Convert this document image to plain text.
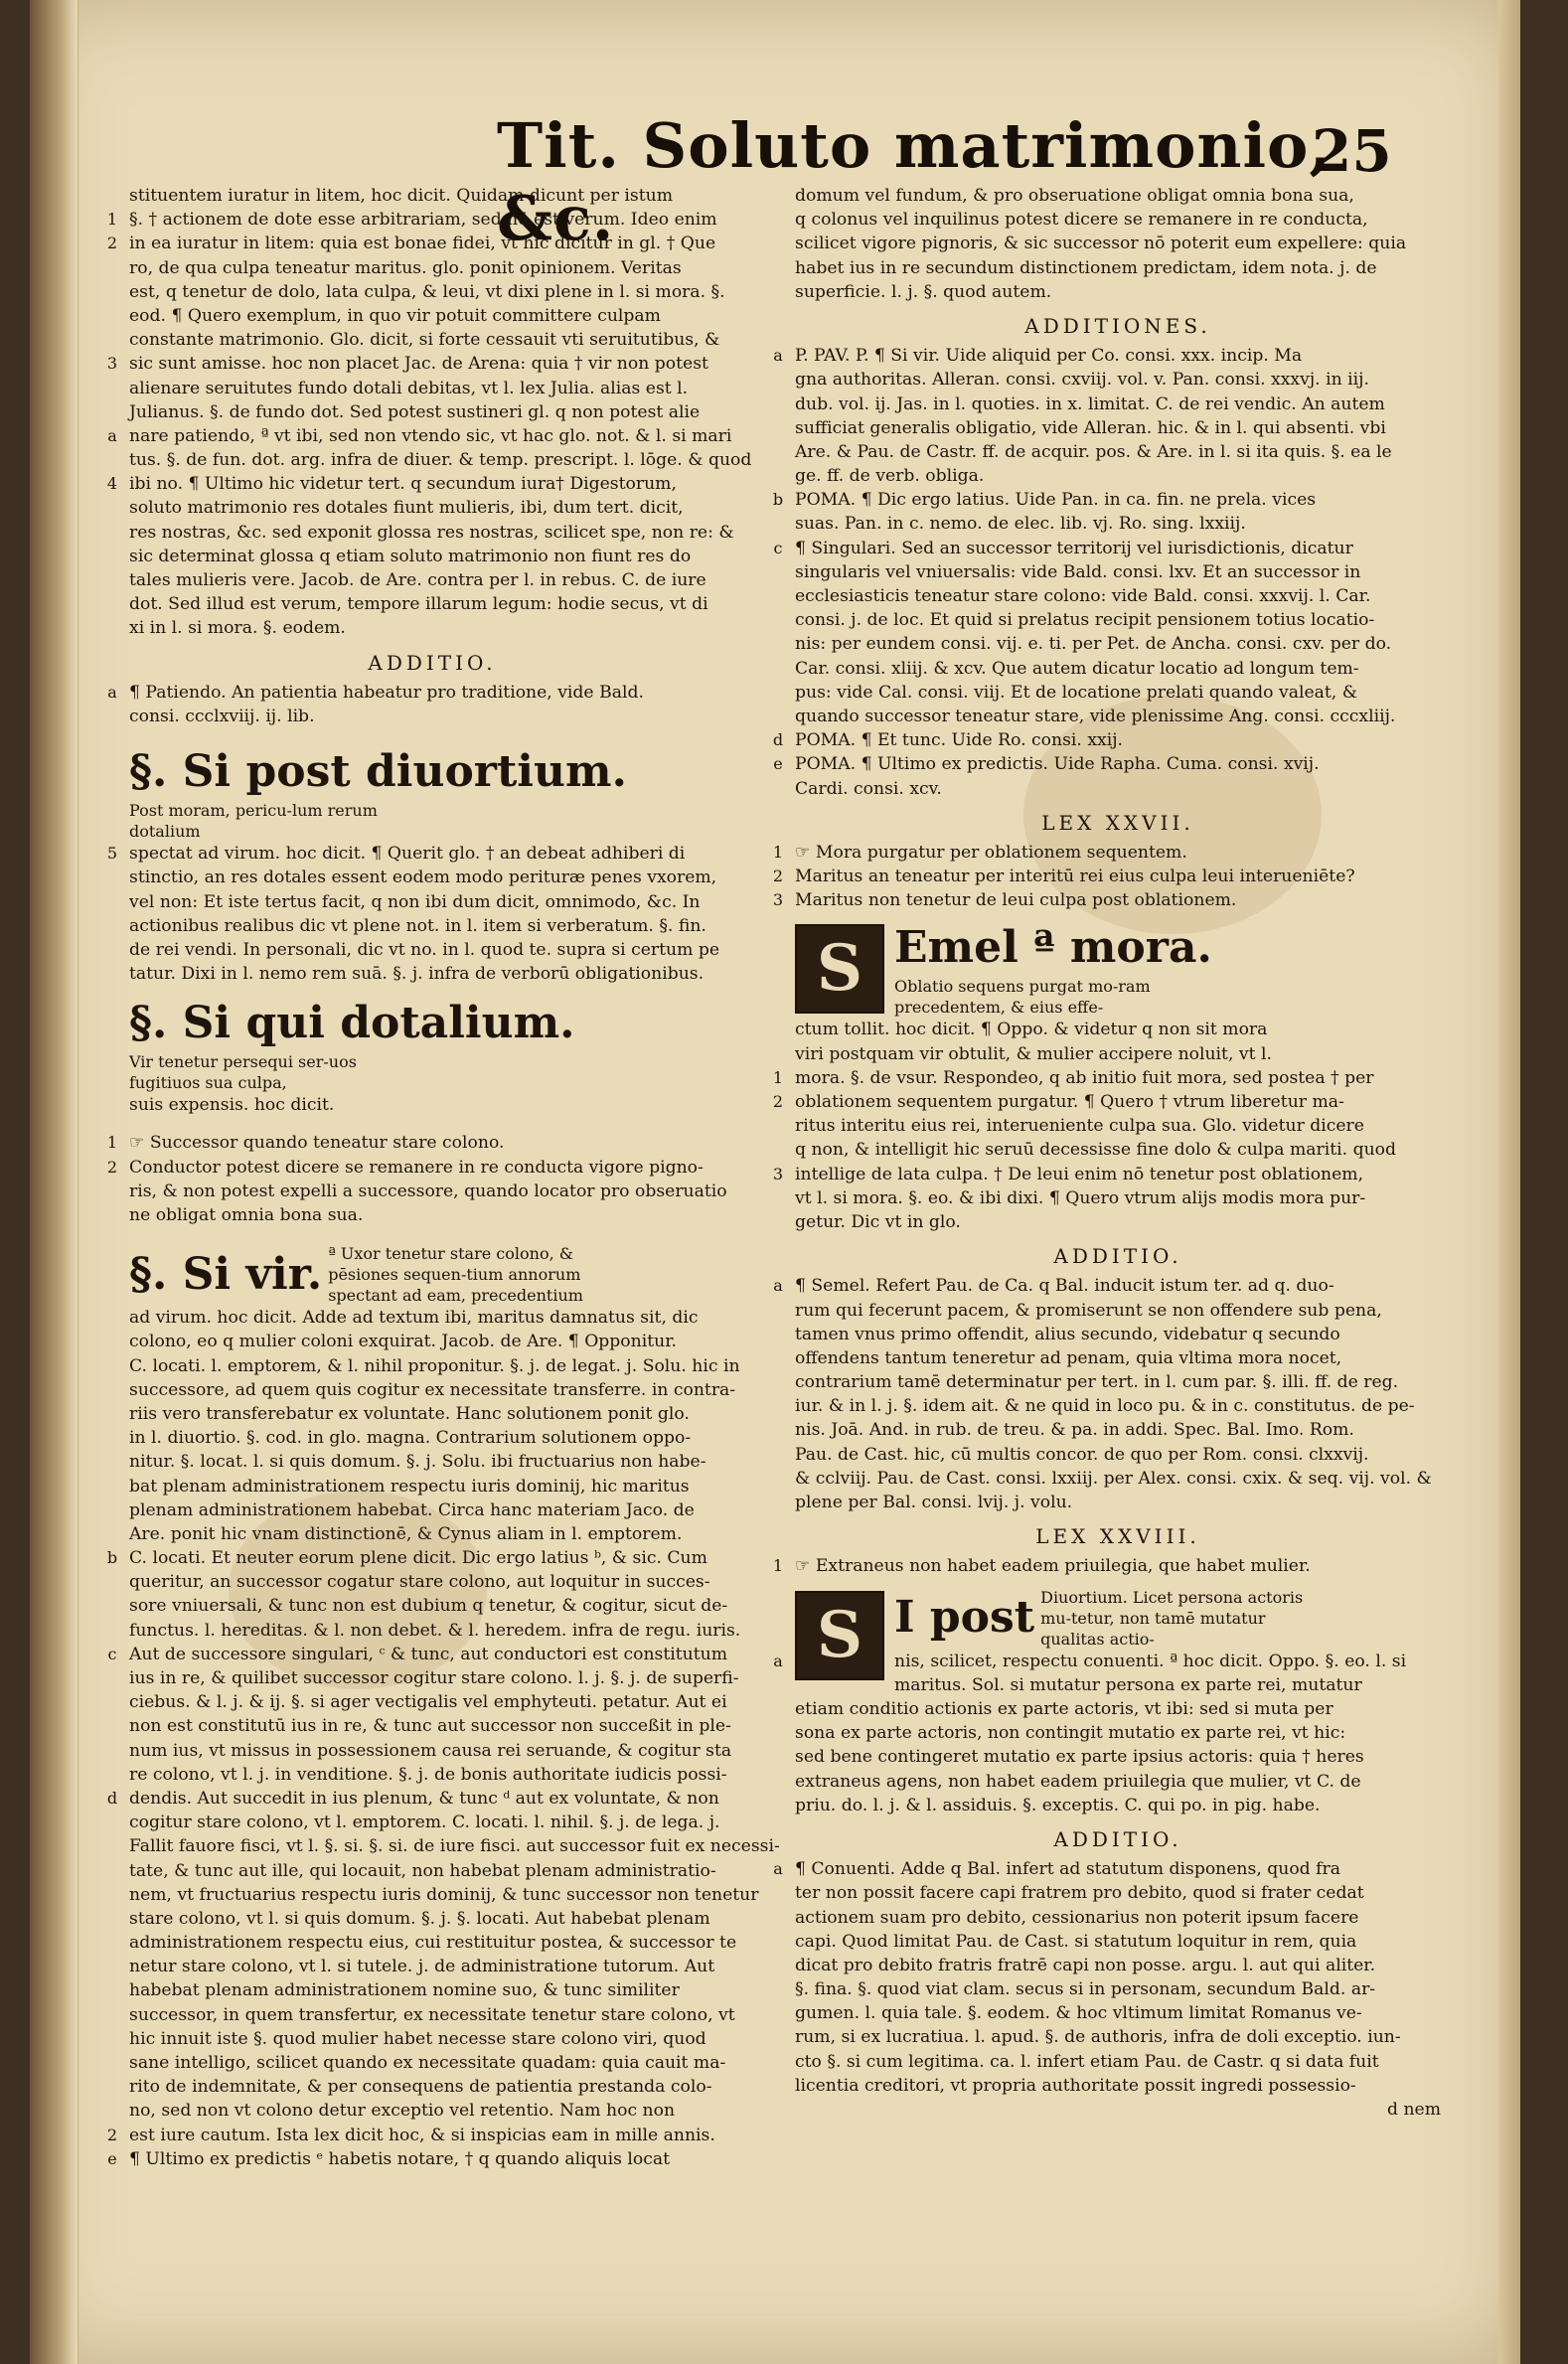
Tit. Soluto matrimonio, &c.
25
stituentem iuratur in litem, hoc dicit. Quidam dicunt per istum
1 §. † actionem de dote esse arbitrariam, sed nō est verum. Ideo enim
2 in ea iuratur in litem: quia est bonae fidei, vt hic dicitur in gl. † Que
ro, de qua culpa teneatur maritus. glo. ponit opinionem. Veritas
est, q tenetur de dolo, lata culpa, & leui, vt dixi plene in l. si mora. §.
eod. ¶ Quero exemplum, in quo vir potuit committere culpam
constante matrimonio. Glo. dicit, si forte cessauit vti seruitutibus, &
3 sic sunt amisse. hoc non placet Jac. de Arena: quia † vir non potest
alienare seruitutes fundo dotali debitas, vt l. lex Julia. alias est l.
Julianus. §. de fundo dot. Sed potest sustineri gl. q non potest alie
a nare patiendo, ª vt ibi, sed non vtendo sic, vt hac glo. not. & l. si mari
tus. §. de fun. dot. arg. infra de diuer. & temp. prescript. l. lōge. & quod
4 ibi no. ¶ Ultimo hic videtur tert. q secundum iura† Digestorum,
soluto matrimonio res dotales fiunt mulieris, ibi, dum tert. dicit,
res nostras, &c. sed exponit glossa res nostras, scilicet spe, non re: &
sic determinat glossa q etiam soluto matrimonio non fiunt res do
tales mulieris vere. Jacob. de Are. contra per l. in rebus. C. de iure
dot. Sed illud est verum, tempore illarum legum: hodie secus, vt di
xi in l. si mora. §. eodem.
ADDITIO.
a ¶ Patiendo. An patientia habeatur pro traditione, vide Bald.
consi. ccclxviij. ij. lib.
§. Si post diuortium.Post moram, pericu-lum rerum dotalium
5 spectat ad virum. hoc dicit. ¶ Querit glo. † an debeat adhiberi di
stinctio, an res dotales essent eodem modo perituræ penes vxorem,
vel non: Et iste tertus facit, q non ibi dum dicit, omnimodo, &c. In
actionibus realibus dic vt plene not. in l. item si verberatum. §. fin.
de rei vendi. In personali, dic vt no. in l. quod te. supra si certum pe
tatur. Dixi in l. nemo rem suā. §. j. infra de verborū obligationibus.
§. Si qui dotalium.Vir tenetur persequi ser-uos fugitiuos sua culpa,
suis expensis. hoc dicit.
1 ☞ Successor quando teneatur stare colono.
2 Conductor potest dicere se remanere in re conducta vigore pigno-
ris, & non potest expelli a successore, quando locator pro obseruatio
ne obligat omnia bona sua.
§. Si vir. ª Uxor tenetur stare colono, & pēsiones sequen-tium annorum spectant ad eam, precedentium
ad virum. hoc dicit. Adde ad textum ibi, maritus damnatus sit, dic
colono, eo q mulier coloni exquirat. Jacob. de Are. ¶ Opponitur.
C. locati. l. emptorem, & l. nihil proponitur. §. j. de legat. j. Solu. hic in
successore, ad quem quis cogitur ex necessitate transferre. in contra-
riis vero transferebatur ex voluntate. Hanc solutionem ponit glo.
in l. diuortio. §. cod. in glo. magna. Contrarium solutionem oppo-
nitur. §. locat. l. si quis domum. §. j. Solu. ibi fructuarius non habe-
bat plenam administrationem respectu iuris dominij, hic maritus
plenam administrationem habebat. Circa hanc materiam Jaco. de
Are. ponit hic vnam distinctionē, & Cynus aliam in l. emptorem.
b C. locati. Et neuter eorum plene dicit. Dic ergo latius ᵇ, & sic. Cum
queritur, an successor cogatur stare colono, aut loquitur in succes-
sore vniuersali, & tunc non est dubium q tenetur, & cogitur, sicut de-
functus. l. hereditas. & l. non debet. & l. heredem. infra de regu. iuris.
c Aut de successore singulari, ᶜ & tunc, aut conductori est constitutum
ius in re, & quilibet successor cogitur stare colono. l. j. §. j. de superfi-
ciebus. & l. j. & ij. §. si ager vectigalis vel emphyteuti. petatur. Aut ei
non est constitutū ius in re, & tunc aut successor non succeßit in ple-
num ius, vt missus in possessionem causa rei seruande, & cogitur sta
re colono, vt l. j. in venditione. §. j. de bonis authoritate iudicis possi-
d dendis. Aut succedit in ius plenum, & tunc ᵈ aut ex voluntate, & non
cogitur stare colono, vt l. emptorem. C. locati. l. nihil. §. j. de lega. j.
Fallit fauore fisci, vt l. §. si. §. si. de iure fisci. aut successor fuit ex necessi-
tate, & tunc aut ille, qui locauit, non habebat plenam administratio-
nem, vt fructuarius respectu iuris dominij, & tunc successor non tenetur
stare colono, vt l. si quis domum. §. j. §. locati. Aut habebat plenam
administrationem respectu eius, cui restituitur postea, & successor te
netur stare colono, vt l. si tutele. j. de administratione tutorum. Aut
habebat plenam administrationem nomine suo, & tunc similiter
successor, in quem transfertur, ex necessitate tenetur stare colono, vt
hic innuit iste §. quod mulier habet necesse stare colono viri, quod
sane intelligo, scilicet quando ex necessitate quadam: quia cauit ma-
rito de indemnitate, & per consequens de patientia prestanda colo-
no, sed non vt colono detur exceptio vel retentio. Nam hoc non
2 est iure cautum. Ista lex dicit hoc, & si inspicias eam in mille annis.
e ¶ Ultimo ex predictis ᵉ habetis notare, † q quando aliquis locat
domum vel fundum, & pro obseruatione obligat omnia bona sua,
q colonus vel inquilinus potest dicere se remanere in re conducta,
scilicet vigore pignoris, & sic successor nō poterit eum expellere: quia
habet ius in re secundum distinctionem predictam, idem nota. j. de
superficie. l. j. §. quod autem.
ADDITIONES.
a P. PAV. P. ¶ Si vir. Uide aliquid per Co. consi. xxx. incip. Ma
gna authoritas. Alleran. consi. cxviij. vol. v. Pan. consi. xxxvj. in iij.
dub. vol. ij. Jas. in l. quoties. in x. limitat. C. de rei vendic. An autem
sufficiat generalis obligatio, vide Alleran. hic. & in l. qui absenti. vbi
Are. & Pau. de Castr. ff. de acquir. pos. & Are. in l. si ita quis. §. ea le
ge. ff. de verb. obliga.
b POMA. ¶ Dic ergo latius. Uide Pan. in ca. fin. ne prela. vices
suas. Pan. in c. nemo. de elec. lib. vj. Ro. sing. lxxiij.
c ¶ Singulari. Sed an successor territorij vel iurisdictionis, dicatur
singularis vel vniuersalis: vide Bald. consi. lxv. Et an successor in
ecclesiasticis teneatur stare colono: vide Bald. consi. xxxvij. l. Car.
consi. j. de loc. Et quid si prelatus recipit pensionem totius locatio-
nis: per eundem consi. vij. e. ti. per Pet. de Ancha. consi. cxv. per do.
Car. consi. xliij. & xcv. Que autem dicatur locatio ad longum tem-
pus: vide Cal. consi. viij. Et de locatione prelati quando valeat, &
quando successor teneatur stare, vide plenissime Ang. consi. cccxliij.
d POMA. ¶ Et tunc. Uide Ro. consi. xxij.
e POMA. ¶ Ultimo ex predictis. Uide Rapha. Cuma. consi. xvij.
Cardi. consi. xcv.
LEX XXVII.
1 ☞ Mora purgatur per oblationem sequentem.
2 Maritus an teneatur per interitū rei eius culpa leui interueniēte?
3 Maritus non tenetur de leui culpa post oblationem.
S Emel ª mora.Oblatio sequens purgat mo-ram precedentem, & eius effe-
ctum tollit. hoc dicit. ¶ Oppo. & videtur q non sit mora
viri postquam vir obtulit, & mulier accipere noluit, vt l.
1 mora. §. de vsur. Respondeo, q ab initio fuit mora, sed postea † per
2 oblationem sequentem purgatur. ¶ Quero † vtrum liberetur ma-
ritus interitu eius rei, interueniente culpa sua. Glo. videtur dicere
q non, & intelligit hic seruū decessisse fine dolo & culpa mariti. quod
3 intellige de lata culpa. † De leui enim nō tenetur post oblationem,
vt l. si mora. §. eo. & ibi dixi. ¶ Quero vtrum alijs modis mora pur-
getur. Dic vt in glo.
ADDITIO.
a ¶ Semel. Refert Pau. de Ca. q Bal. inducit istum ter. ad q. duo-
rum qui fecerunt pacem, & promiserunt se non offendere sub pena,
tamen vnus primo offendit, alius secundo, videbatur q secundo
offendens tantum teneretur ad penam, quia vltima mora nocet,
contrarium tamē determinatur per tert. in l. cum par. §. illi. ff. de reg.
iur. & in l. j. §. idem ait. & ne quid in loco pu. & in c. constitutus. de pe-
nis. Joā. And. in rub. de treu. & pa. in addi. Spec. Bal. Imo. Rom.
Pau. de Cast. hic, cū multis concor. de quo per Rom. consi. clxxvij.
& cclviij. Pau. de Cast. consi. lxxiij. per Alex. consi. cxix. & seq. vij. vol. &
plene per Bal. consi. lvij. j. volu.
LEX XXVIII.
1 ☞ Extraneus non habet eadem priuilegia, que habet mulier.
S I post Diuortium. Licet persona actoris mu-tetur, non tamē mutatur qualitas actio-
a	nis, scilicet, respectu conuenti. ª hoc dicit. Oppo. §. eo. l. si
maritus. Sol. si mutatur persona ex parte rei, mutatur
etiam conditio actionis ex parte actoris, vt ibi: sed si muta per
sona ex parte actoris, non contingit mutatio ex parte rei, vt hic:
sed bene contingeret mutatio ex parte ipsius actoris: quia † heres
extraneus agens, non habet eadem priuilegia que mulier, vt C. de
priu. do. l. j. & l. assiduis. §. exceptis. C. qui po. in pig. habe.
ADDITIO.
a ¶ Conuenti. Adde q Bal. infert ad statutum disponens, quod fra
ter non possit facere capi fratrem pro debito, quod si frater cedat
actionem suam pro debito, cessionarius non poterit ipsum facere
capi. Quod limitat Pau. de Cast. si statutum loquitur in rem, quia
dicat pro debito fratris fratrē capi non posse. argu. l. aut qui aliter.
§. fina. §. quod viat clam. secus si in personam, secundum Bald. ar-
gumen. l. quia tale. §. eodem. & hoc vltimum limitat Romanus ve-
rum, si ex lucratiua. l. apud. §. de authoris, infra de doli exceptio. iun-
cto §. si cum legitima. ca. l. infert etiam Pau. de Castr. q si data fuit
licentia creditori, vt propria authoritate possit ingredi possessio-
d nem
